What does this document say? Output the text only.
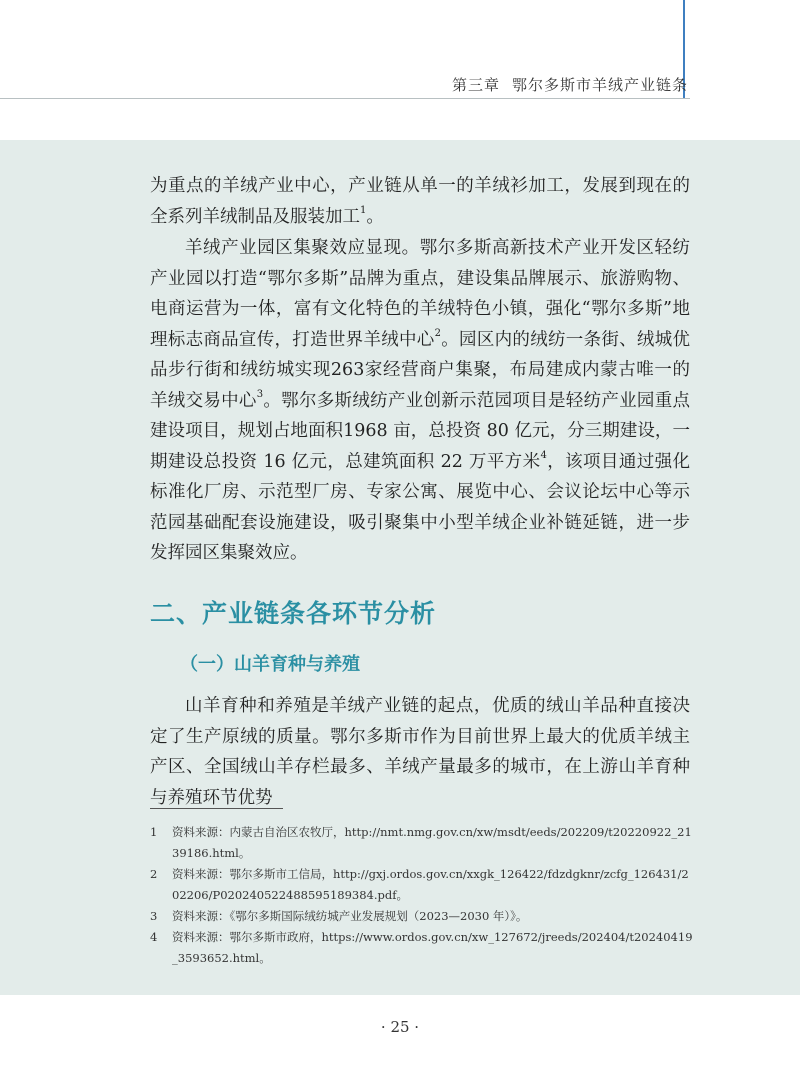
第三章 鄂尔多斯市羊绒产业链条

为重点的羊绒产业中心，产业链从单一的羊绒衫加工，发展到现在的全系列羊绒制品及服装加工$^1$。

羊绒产业园区集聚效应显现。鄂尔多斯高新技术产业开发区轻纺产业园以打造“鄂尔多斯”品牌为重点，建设集品牌展示、旅游购物、电商运营为一体，富有文化特色的羊绒特色小镇，强化“鄂尔多斯”地理标志商品宣传，打造世界羊绒中心$^2$。园区内的绒纺一条街、绒城优品步行街和绒纺城实现263家经营商户集聚，布局建成内蒙古唯一的羊绒交易中心$^3$。鄂尔多斯绒纺产业创新示范园项目是轻纺产业园重点建设项目，规划占地面积1968 亩，总投资 80 亿元，分三期建设，一期建设总投资 16 亿元，总建筑面积 22 万平方米$^4$，该项目通过强化标准化厂房、示范型厂房、专家公寓、展览中心、会议论坛中心等示范园基础配套设施建设，吸引聚集中小型羊绒企业补链延链，进一步发挥园区集聚效应。

二、产业链条各环节分析
（一）山羊育种与养殖

山羊育种和养殖是羊绒产业链的起点，优质的绒山羊品种直接决定了生产原绒的质量。鄂尔多斯市作为目前世界上最大的优质羊绒主产区、全国绒山羊存栏最多、羊绒产量最多的城市，在上游山羊育种与养殖环节优势

1	资料来源：内蒙古自治区农牧厅，http://nmt.nmg.gov.cn/xw/msdt/eeds/202209/t20220922_2139186.html。
2	资料来源：鄂尔多斯市工信局，http://gxj.ordos.gov.cn/xxgk_126422/fdzdgknr/zcfg_126431/202206/P020240522488595189384.pdf。
3	资料来源：《鄂尔多斯国际绒纺城产业发展规划（2023—2030 年）》。
4	资料来源：鄂尔多斯市政府，https://www.ordos.gov.cn/xw_127672/jreeds/202404/t20240419_3593652.html。
· 25 ·
